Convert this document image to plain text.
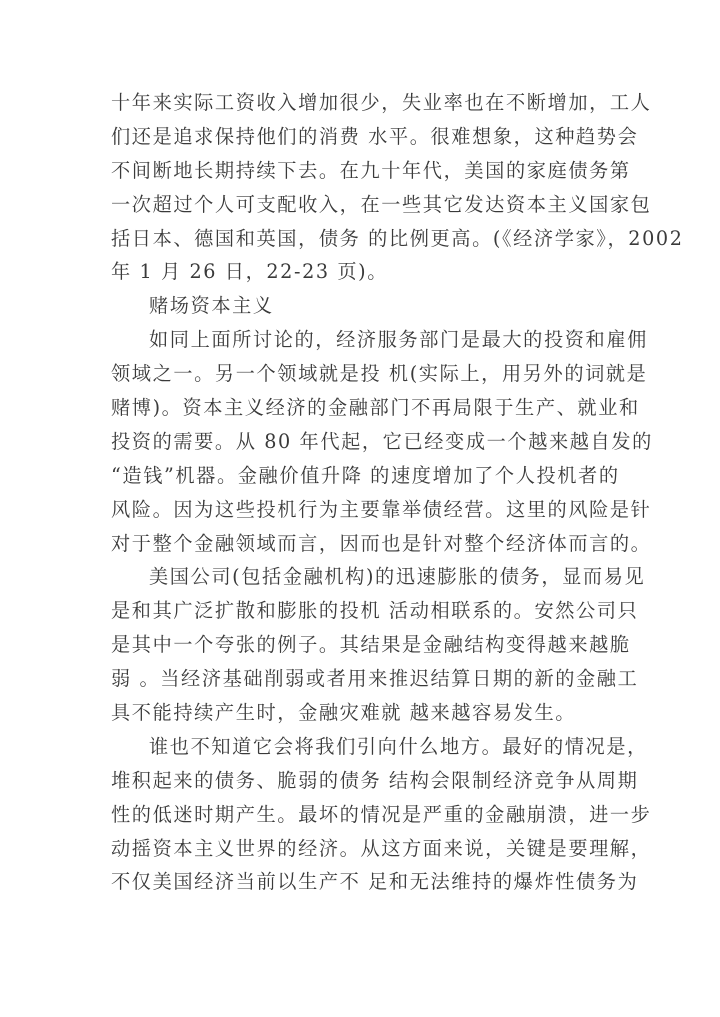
十年来实际工资收入增加很少，失业率也在不断增加，工人
们还是追求保持他们的消费 水平。很难想象，这种趋势会
不间断地长期持续下去。在九十年代，美国的家庭债务第
一次超过个人可支配收入，在一些其它发达资本主义国家包
括日本、德国和英国，债务 的比例更高。(《经济学家》，2002
年 1 月 26 日，22-23 页)。
赌场资本主义
如同上面所讨论的，经济服务部门是最大的投资和雇佣
领域之一。另一个领域就是投 机(实际上，用另外的词就是
赌博)。资本主义经济的金融部门不再局限于生产、就业和
投资的需要。从 80 年代起，它已经变成一个越来越自发的
“造钱”机器。金融价值升降 的速度增加了个人投机者的
风险。因为这些投机行为主要靠举债经营。这里的风险是针
对于整个金融领域而言，因而也是针对整个经济体而言的。
美国公司(包括金融机构)的迅速膨胀的债务，显而易见
是和其广泛扩散和膨胀的投机 活动相联系的。安然公司只
是其中一个夸张的例子。其结果是金融结构变得越来越脆
弱 。当经济基础削弱或者用来推迟结算日期的新的金融工
具不能持续产生时，金融灾难就 越来越容易发生。
谁也不知道它会将我们引向什么地方。最好的情况是，
堆积起来的债务、脆弱的债务 结构会限制经济竞争从周期
性的低迷时期产生。最坏的情况是严重的金融崩溃，进一步
动摇资本主义世界的经济。从这方面来说，关键是要理解，
不仅美国经济当前以生产不 足和无法维持的爆炸性债务为
